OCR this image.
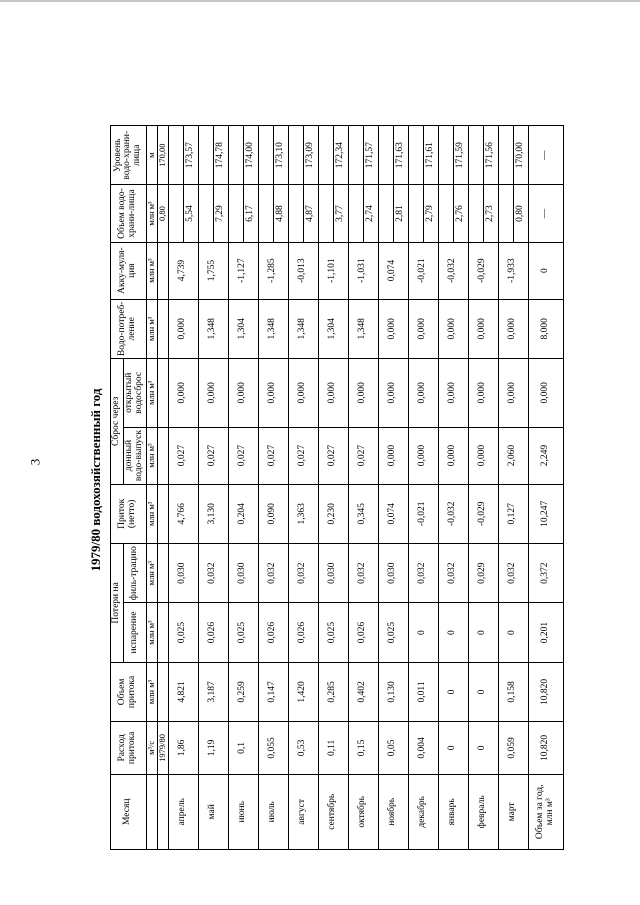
3	1979/80 водохозяйственный год
Месяц	Расход притока	Объем притока	Потери на		Приток (нетто)	Сброс через		Водо-потреб-ление	Акку-муля-ция	Объем водо-храни-лища	Уровень водо-храни-лища
			испарение	филь-трацию		донный водо-выпуск	открытый водосброс				
	м³/с	млн м³	млн м³	млн м³	млн м³	млн м³	млн м³	млн м³	млн м³	млн м³	м
	1979/80									0,80	170,00
апрель	1,86	4,821	0,025	0,030	4,766	0,027	0,000	0,000	4,739		
										5,54	173,57
май	1,19	3,187	0,026	0,032	3,130	0,027	0,000	1,348	1,755		
										7,29	174,78
июнь	0,1	0,259	0,025	0,030	0,204	0,027	0,000	1,304	-1,127		
										6,17	174,00
июль	0,055	0,147	0,026	0,032	0,090	0,027	0,000	1,348	-1,285		
										4,88	173,10
август	0,53	1,420	0,026	0,032	1,363	0,027	0,000	1,348	-0,013		
										4,87	173,09
сентябрь	0,11	0,285	0,025	0,030	0,230	0,027	0,000	1,304	-1,101		
										3,77	172,34
октябрь	0,15	0,402	0,026	0,032	0,345	0,027	0,000	1,348	-1,031		
										2,74	171,57
ноябрь	0,05	0,130	0,025	0,030	0,074	0,000	0,000	0,000	0,074		
										2,81	171,63
декабрь	0,004	0,011	0	0,032	-0,021	0,000	0,000	0,000	-0,021		
										2,79	171,61
январь	0	0	0	0,032	-0,032	0,000	0,000	0,000	-0,032		
										2,76	171,59
февраль	0	0	0	0,029	-0,029	0,000	0,000	0,000	-0,029		
										2,73	171,56
март	0,059	0,158	0	0,032	0,127	2,060	0,000	0,000	-1,933		
										0,80	170,00
Объем за год, млн м³	10,820	10,820	0,201	0,372	10,247	2,249	0,000	8,000	0	—	—
